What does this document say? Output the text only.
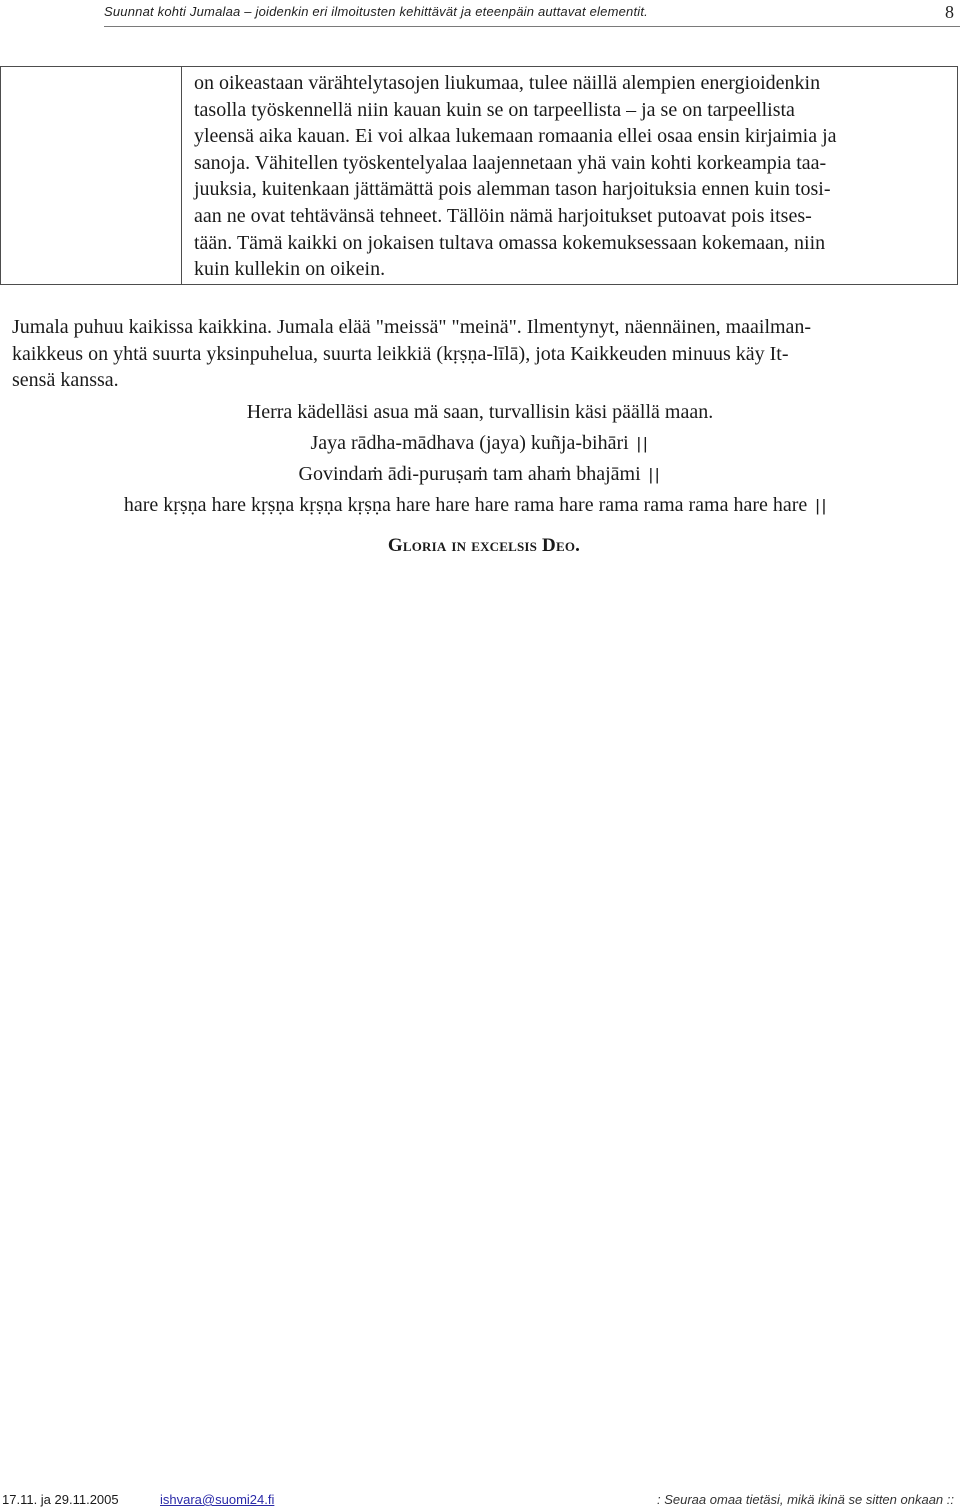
Suunnat kohti Jumalaa – joidenkin eri ilmoitusten kehittävät ja eteenpäin auttavat elementit.	8
on oikeastaan värähtelytasojen liukumaa, tulee näillä alempien energioidenkin
tasolla työskennellä niin kauan kuin se on tarpeellista – ja se on tarpeellista
yleensä aika kauan. Ei voi alkaa lukemaan romaania ellei osaa ensin kirjaimia ja
sanoja. Vähitellen työskentelyalaa laajennetaan yhä vain kohti korkeampia taa-
juuksia, kuitenkaan jättämättä pois alemman tason harjoituksia ennen kuin tosi-
aan ne ovat tehtävänsä tehneet. Tällöin nämä harjoitukset putoavat pois itses-
tään. Tämä kaikki on jokaisen tultava omassa kokemuksessaan kokemaan, niin
kuin kullekin on oikein.
Jumala puhuu kaikissa kaikkina. Jumala elää "meissä" "meinä". Ilmentynyt, näennäinen, maailman-
kaikkeus on yhtä suurta yksinpuhelua, suurta leikkiä (kṛṣṇa-līlā), jota Kaikkeuden minuus käy It-
sensä kanssa.
Herra kädelläsi asua mä saan, turvallisin käsi päällä maan.
Jaya rādha-mādhava (jaya) kuñja-bihāri ||
Govindaṁ ādi-puruṣaṁ tam ahaṁ bhajāmi ||
hare kṛṣṇa hare kṛṣṇa kṛṣṇa kṛṣṇa hare hare hare rama hare rama rama rama hare hare ||
Gloria in excelsis Deo.
17.11. ja 29.11.2005	ishvara@suomi24.fi	: Seuraa omaa tietäsi, mikä ikinä se sitten onkaan ::
